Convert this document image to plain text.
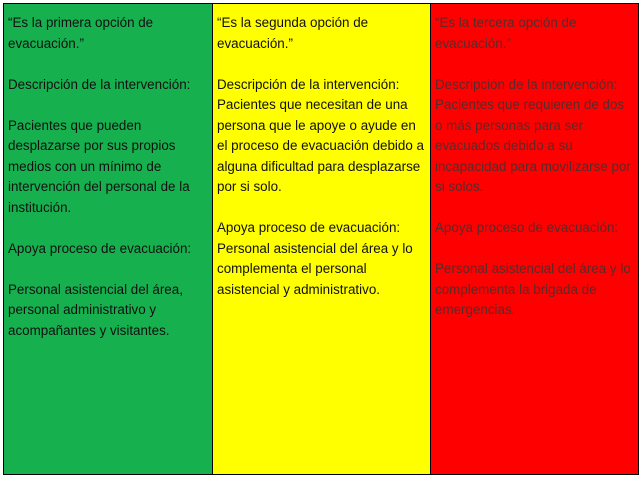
“Es la primera opción de evacuación.”

Descripción de la intervención:

Pacientes que pueden desplazarse por sus propios medios con un mínimo de intervención del personal de la institución.

Apoya proceso de evacuación:

Personal asistencial del área, personal administrativo y acompañantes y visitantes.

“Es la segunda opción de evacuación.”

Descripción de la intervención:

Pacientes que necesitan de una persona que le apoye o ayude en el proceso de evacuación debido a alguna dificultad para desplazarse por si solo.

Apoya proceso de evacuación:

Personal asistencial del área y lo complementa el personal asistencial y administrativo.

“Es la tercera opción de evacuación.”

Descripción de la intervención:

Pacientes que requieren de dos o más personas para ser evacuados debido a su incapacidad para movilizarse por si solos.

Apoya proceso de evacuación:

Personal asistencial del área y lo complementa la brigada de emergencias.
